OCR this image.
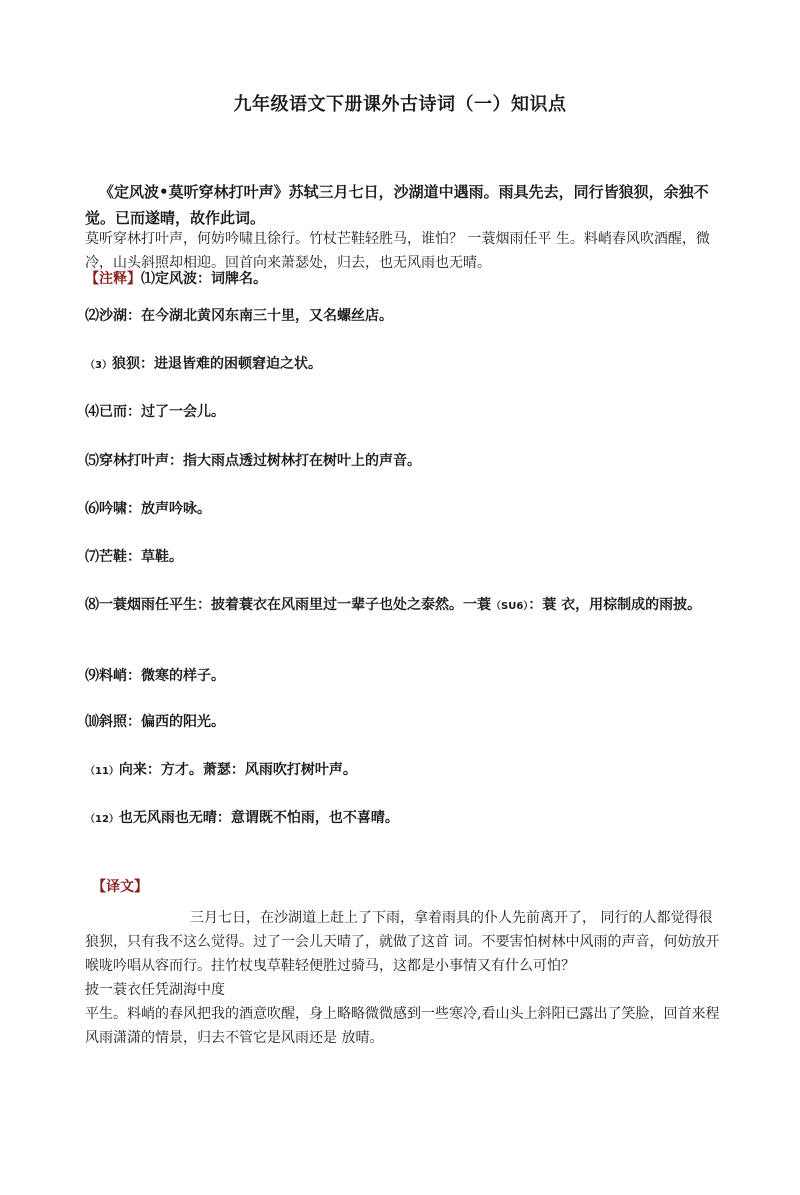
九年级语文下册课外古诗词（一）知识点
《定风波•莫听穿林打叶声》苏轼三月七日，沙湖道中遇雨。雨具先去，同行皆狼狈，余独不觉。已而遂晴，故作此词。
莫听穿林打叶声，何妨吟啸且徐行。竹杖芒鞋轻胜马，谁怕？ 一蓑烟雨任平 生。料峭春风吹酒醒，微冷，山头斜照却相迎。回首向来萧瑟处，归去，也无风雨也无晴。
【注释】⑴定风波：词牌名。
⑵沙湖：在今湖北黄冈东南三十里，又名螺丝店。
（3）狼狈：进退皆难的困顿窘迫之状。
⑷已而：过了一会儿。
⑸穿林打叶声：指大雨点透过树林打在树叶上的声音。
⑹吟啸：放声吟咏。
⑺芒鞋：草鞋。
⑻一蓑烟雨任平生：披着蓑衣在风雨里过一辈子也处之泰然。一蓑（SU6）：蓑 衣，用棕制成的雨披。
⑼料峭：微寒的样子。
⑽斜照：偏西的阳光。
（11）向来：方才。萧瑟：风雨吹打树叶声。
（12）也无风雨也无晴：意谓既不怕雨，也不喜晴。
【译文】
三月七日，在沙湖道上赶上了下雨，拿着雨具的仆人先前离开了， 同行的人都觉得很狼狈，只有我不这么觉得。过了一会儿天晴了，就做了这首 词。不要害怕树林中风雨的声音，何妨放开喉咙吟唱从容而行。拄竹杖曳草鞋轻便胜过骑马，这都是小事情又有什么可怕？
披一蓑衣任凭湖海中度
平生。料峭的春风把我的酒意吹醒，身上略略微微感到一些寒冷,看山头上斜阳已露出了笑脸，回首来程风雨潇潇的情景，归去不管它是风雨还是 放晴。
